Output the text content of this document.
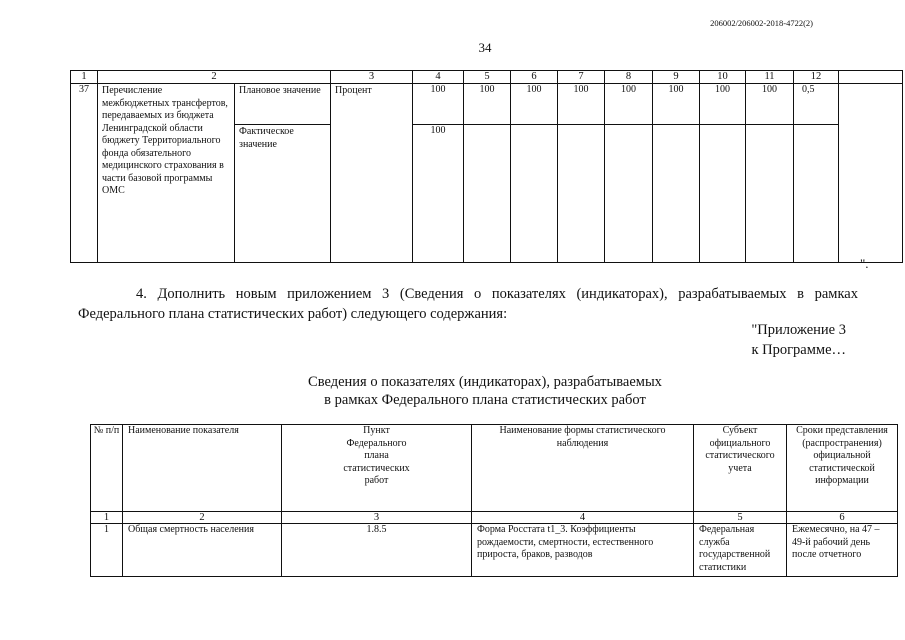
206002/206002-2018-4722(2)
34
1	2		3	4	5	6	7	8	9	10	11	12	
37	Перечисление межбюджетных трансфертов, передаваемых из бюджета Ленинградской области бюджету Территориального фонда обязательного медицинского страхования в части базовой программы ОМС	Плановое значение	Процент	100	100	100	100	100	100	100	100	0,5	
		Фактическое значение		100									
".
4. Дополнить новым приложением 3 (Сведения о показателях (индикаторах), разрабатываемых в рамках Федерального плана статистических работ) следующего содержания:
"Приложение 3
к Программе…
Сведения о показателях (индикаторах), разрабатываемых
в рамках Федерального плана статистических работ
№ п/п	Наименование показателя	Пункт Федерального плана статистических работ	Наименование формы статистического наблюдения	Субъект официального статистического учета	Сроки представления (распространения) официальной статистической информации
1	2	3	4	5	6
1	Общая смертность населения	1.8.5	Форма Росстата t1_3. Коэффициенты рождаемости, смертности, естественного прироста, браков, разводов	Федеральная служба государственной статистики	Ежемесячно, на 47 – 49-й рабочий день после отчетного
